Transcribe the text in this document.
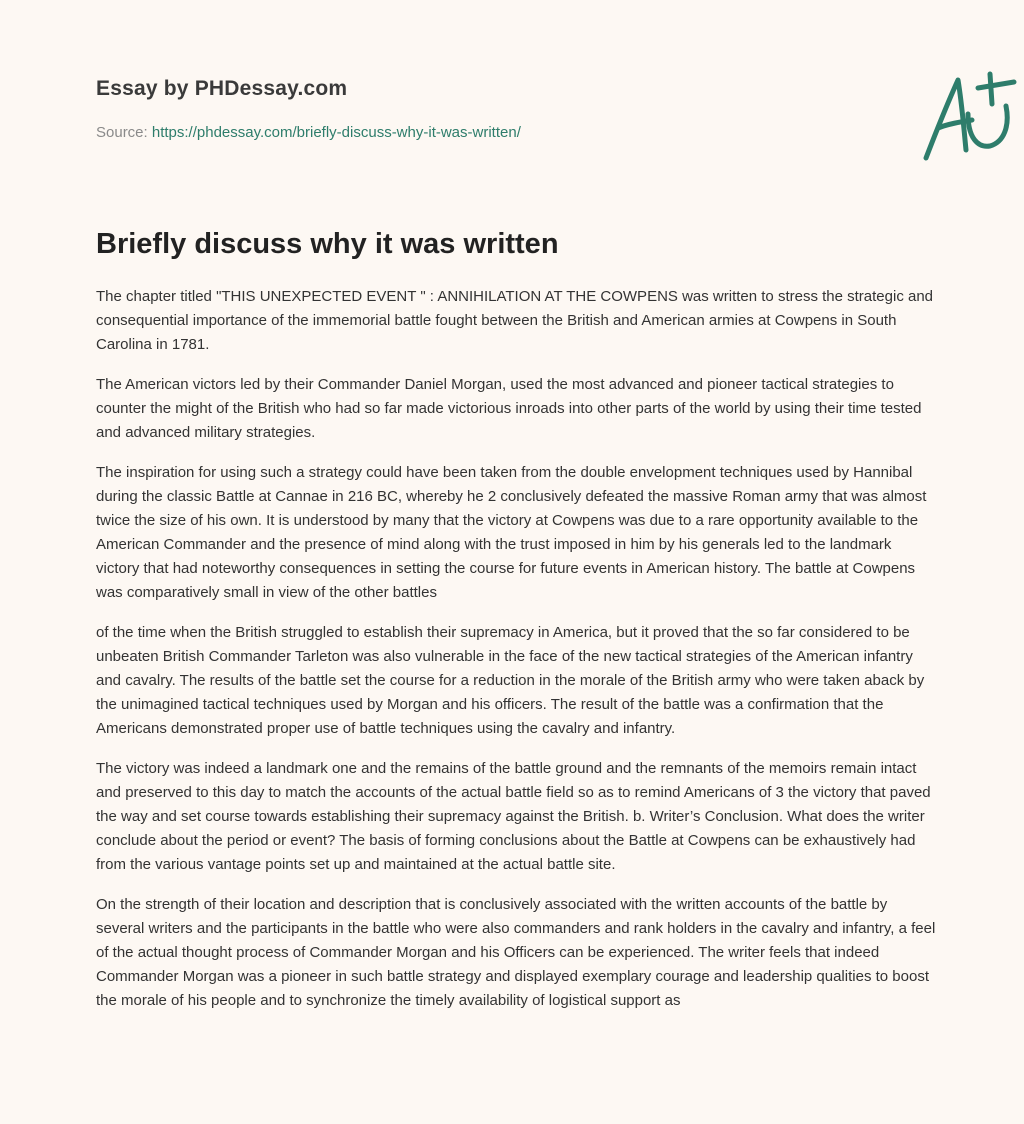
Essay by PHDessay.com
Source: https://phdessay.com/briefly-discuss-why-it-was-written/
Briefly discuss why it was written

The chapter titled "THIS UNEXPECTED EVENT " : ANNIHILATION AT THE COWPENS was written to stress the strategic and consequential importance of the immemorial battle fought between the British and American armies at Cowpens in South Carolina in 1781.

The American victors led by their Commander Daniel Morgan, used the most advanced and pioneer tactical strategies to counter the might of the British who had so far made victorious inroads into other parts of the world by using their time tested and advanced military strategies.

The inspiration for using such a strategy could have been taken from the double envelopment techniques used by Hannibal during the classic Battle at Cannae in 216 BC, whereby he 2 conclusively defeated the massive Roman army that was almost twice the size of his own. It is understood by many that the victory at Cowpens was due to a rare opportunity available to the American Commander and the presence of mind along with the trust imposed in him by his generals led to the landmark victory that had noteworthy consequences in setting the course for future events in American history. The battle at Cowpens was comparatively small in view of the other battles

of the time when the British struggled to establish their supremacy in America, but it proved that the so far considered to be unbeaten British Commander Tarleton was also vulnerable in the face of the new tactical strategies of the American infantry and cavalry. The results of the battle set the course for a reduction in the morale of the British army who were taken aback by the unimagined tactical techniques used by Morgan and his officers. The result of the battle was a confirmation that the Americans demonstrated proper use of battle techniques using the cavalry and infantry.

The victory was indeed a landmark one and the remains of the battle ground and the remnants of the memoirs remain intact and preserved to this day to match the accounts of the actual battle field so as to remind Americans of 3 the victory that paved the way and set course towards establishing their supremacy against the British. b. Writer’s Conclusion. What does the writer conclude about the period or event? The basis of forming conclusions about the Battle at Cowpens can be exhaustively had from the various vantage points set up and maintained at the actual battle site.

On the strength of their location and description that is conclusively associated with the written accounts of the battle by several writers and the participants in the battle who were also commanders and rank holders in the cavalry and infantry, a feel of the actual thought process of Commander Morgan and his Officers can be experienced. The writer feels that indeed Commander Morgan was a pioneer in such battle strategy and displayed exemplary courage and leadership qualities to boost the morale of his people and to synchronize the timely availability of logistical support as
